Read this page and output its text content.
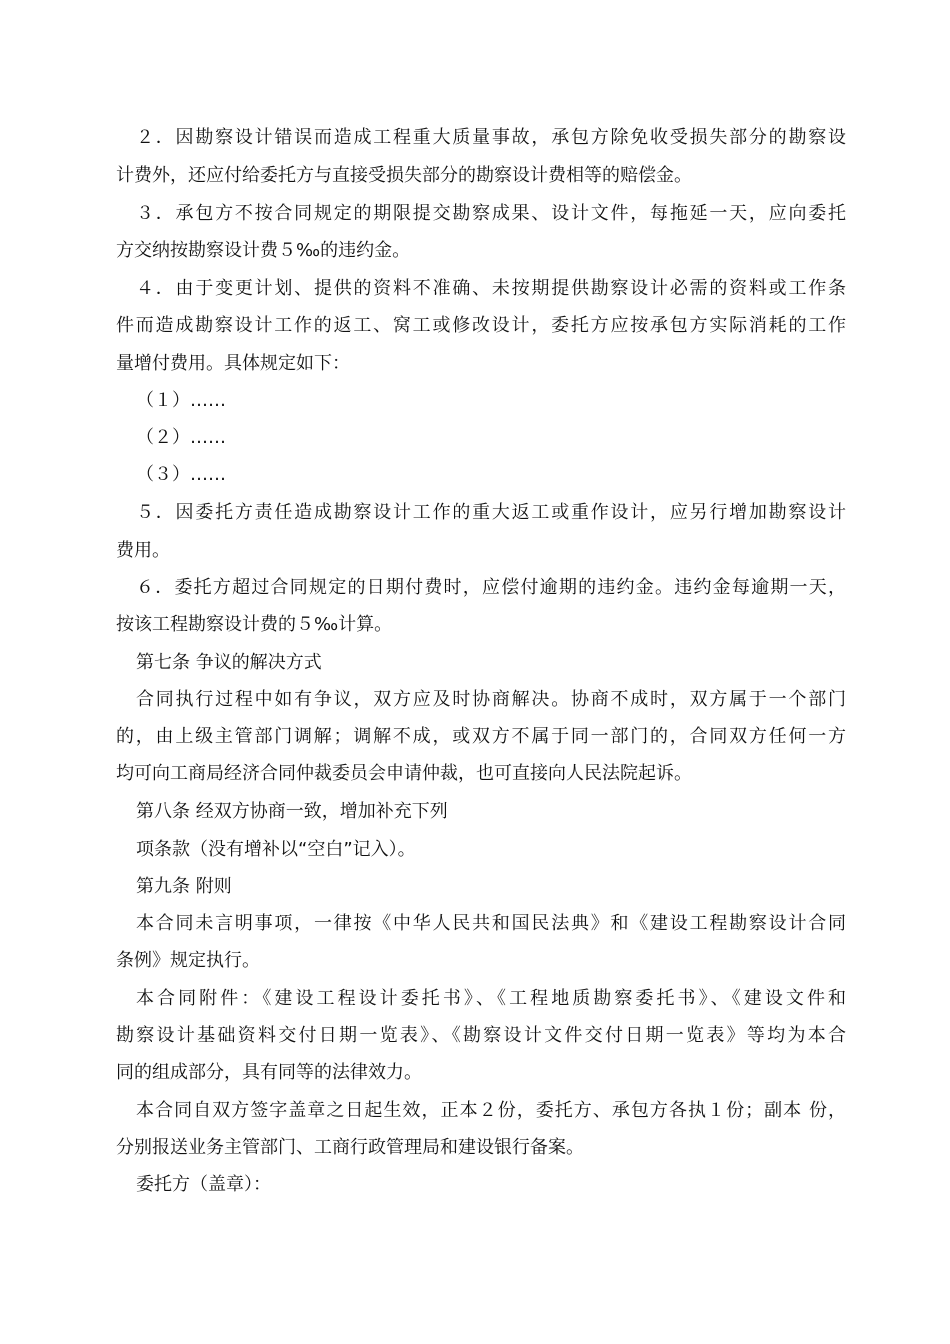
２．因勘察设计错误而造成工程重大质量事故，承包方除免收受损失部分的勘察设
计费外，还应付给委托方与直接受损失部分的勘察设计费相等的赔偿金。
３．承包方不按合同规定的期限提交勘察成果、设计文件，每拖延一天，应向委托
方交纳按勘察设计费５‰的违约金。
４．由于变更计划、提供的资料不准确、未按期提供勘察设计必需的资料或工作条
件而造成勘察设计工作的返工、窝工或修改设计，委托方应按承包方实际消耗的工作
量增付费用。具体规定如下：
（１）……
（２）……
（３）……
５．因委托方责任造成勘察设计工作的重大返工或重作设计，应另行增加勘察设计
费用。
６．委托方超过合同规定的日期付费时，应偿付逾期的违约金。违约金每逾期一天，
按该工程勘察设计费的５‰计算。
第七条 争议的解决方式
合同执行过程中如有争议，双方应及时协商解决。协商不成时，双方属于一个部门
的，由上级主管部门调解；调解不成，或双方不属于同一部门的，合同双方任何一方
均可向工商局经济合同仲裁委员会申请仲裁，也可直接向人民法院起诉。
第八条 经双方协商一致，增加补充下列
项条款（没有增补以“空白”记入）。
第九条 附则
本合同未言明事项，一律按《中华人民共和国民法典》和《建设工程勘察设计合同
条例》规定执行。
本合同附件：《建设工程设计委托书》、《工程地质勘察委托书》、《建设文件和
勘察设计基础资料交付日期一览表》、《勘察设计文件交付日期一览表》等均为本合
同的组成部分，具有同等的法律效力。
本合同自双方签字盖章之日起生效，正本２份，委托方、承包方各执１份；副本 份，
分别报送业务主管部门、工商行政管理局和建设银行备案。
委托方（盖章）：
